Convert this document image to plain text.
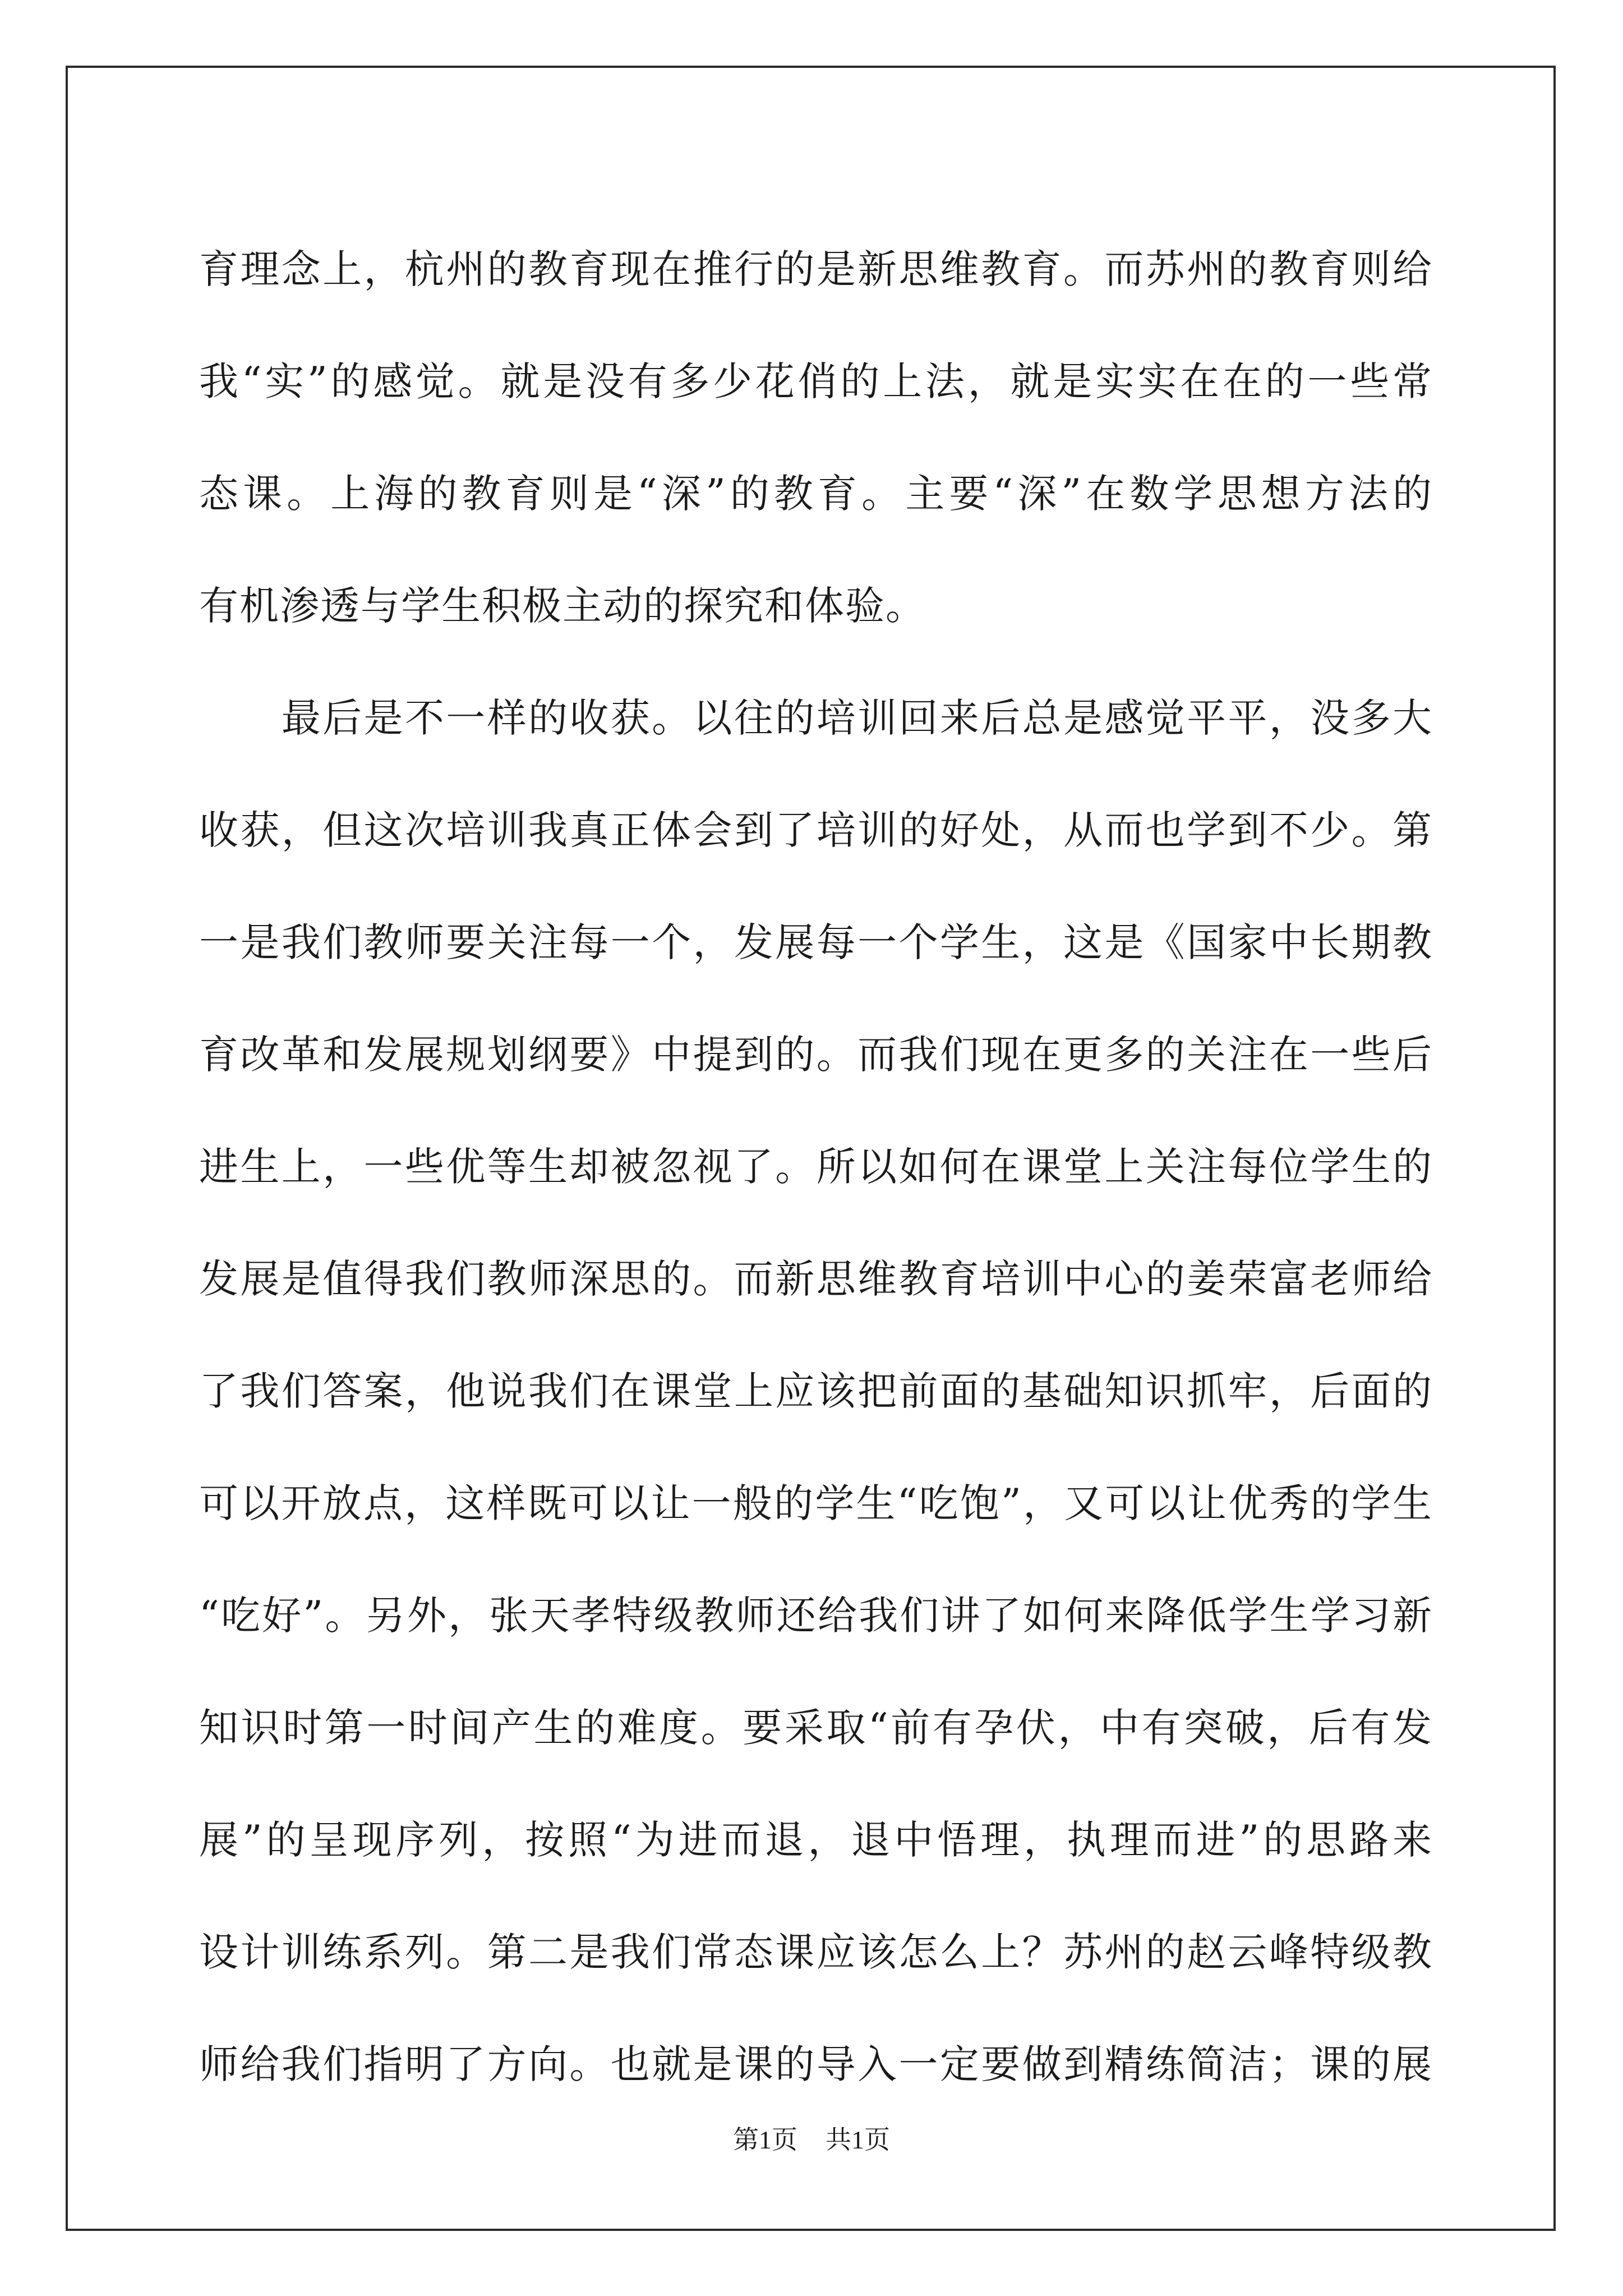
育理念上，杭州的教育现在推行的是新思维教育。而苏州的教育则给
我“实”的感觉。就是没有多少花俏的上法，就是实实在在的一些常
态课。上海的教育则是“深”的教育。主要“深”在数学思想方法的
有机渗透与学生积极主动的探究和体验。
　　最后是不一样的收获。以往的培训回来后总是感觉平平，没多大
收获，但这次培训我真正体会到了培训的好处，从而也学到不少。第
一是我们教师要关注每一个，发展每一个学生，这是《国家中长期教
育改革和发展规划纲要》中提到的。而我们现在更多的关注在一些后
进生上，一些优等生却被忽视了。所以如何在课堂上关注每位学生的
发展是值得我们教师深思的。而新思维教育培训中心的姜荣富老师给
了我们答案，他说我们在课堂上应该把前面的基础知识抓牢，后面的
可以开放点，这样既可以让一般的学生“吃饱”，又可以让优秀的学生
“吃好”。另外，张天孝特级教师还给我们讲了如何来降低学生学习新
知识时第一时间产生的难度。要采取“前有孕伏，中有突破，后有发
展”的呈现序列，按照“为进而退，退中悟理，执理而进”的思路来
设计训练系列。第二是我们常态课应该怎么上？苏州的赵云峰特级教
师给我们指明了方向。也就是课的导入一定要做到精练简洁；课的展
第1页 共1页
